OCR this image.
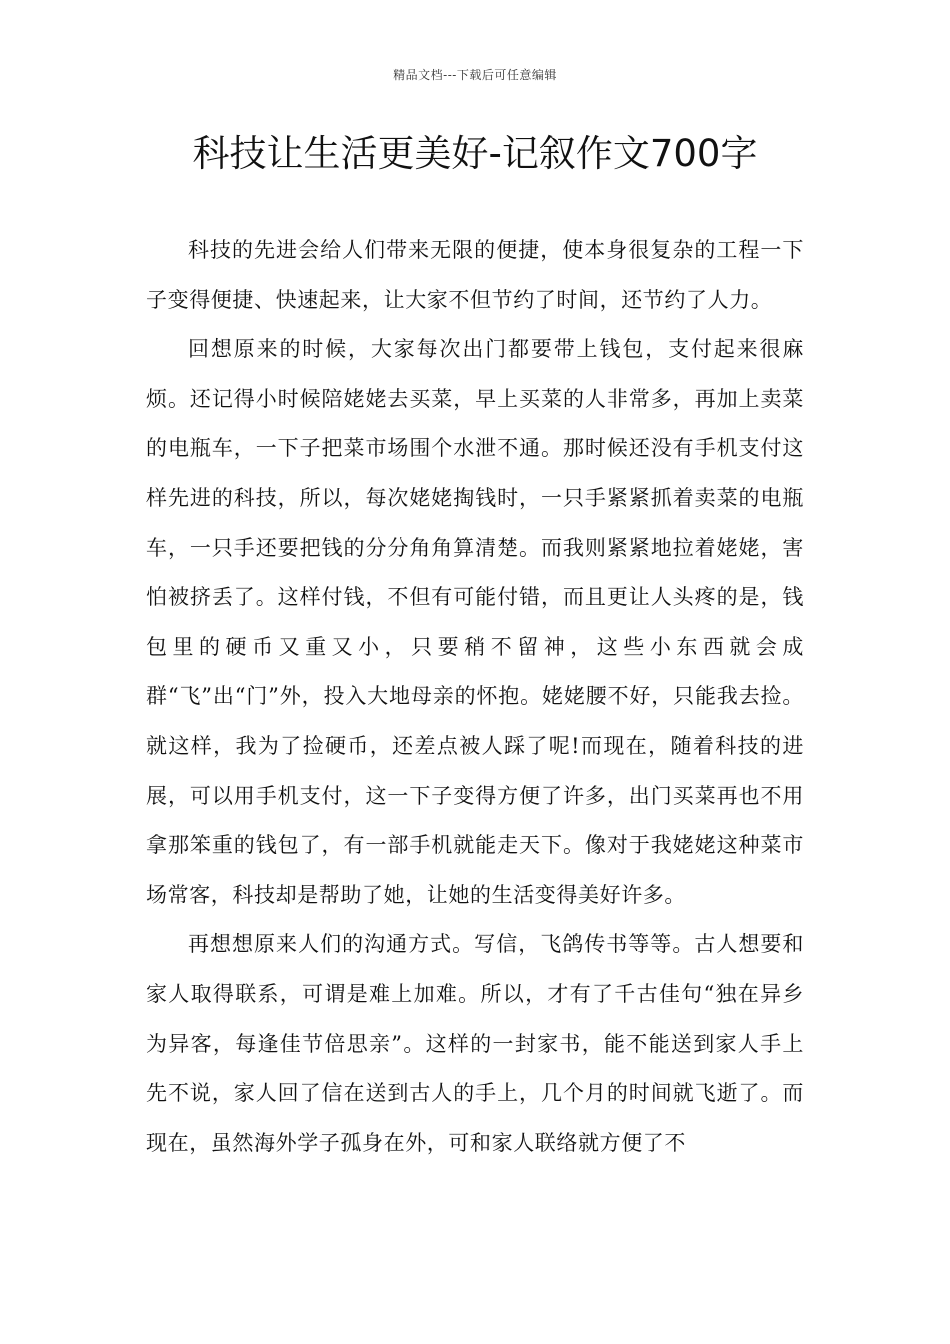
精品文档---下载后可任意编辑
科技让生活更美好-记叙作文700字

科技的先进会给人们带来无限的便捷，使本身很复杂的工程一下子变得便捷、快速起来，让大家不但节约了时间，还节约了人力。

回想原来的时候，大家每次出门都要带上钱包，支付起来很麻烦。还记得小时候陪姥姥去买菜，早上买菜的人非常多，再加上卖菜的电瓶车，一下子把菜市场围个水泄不通。那时候还没有手机支付这样先进的科技，所以，每次姥姥掏钱时，一只手紧紧抓着卖菜的电瓶车，一只手还要把钱的分分角角算清楚。而我则紧紧地拉着姥姥，害怕被挤丢了。这样付钱，不但有可能付错，而且更让人头疼的是，钱包里的硬币又重又小，只要稍不留神，这些小东西就会成群“飞”出“门”外，投入大地母亲的怀抱。姥姥腰不好，只能我去捡。就这样，我为了捡硬币，还差点被人踩了呢!而现在，随着科技的进展，可以用手机支付，这一下子变得方便了许多，出门买菜再也不用拿那笨重的钱包了，有一部手机就能走天下。像对于我姥姥这种菜市场常客，科技却是帮助了她，让她的生活变得美好许多。

再想想原来人们的沟通方式。写信，飞鸽传书等等。古人想要和家人取得联系，可谓是难上加难。所以，才有了千古佳句“独在异乡为异客，每逢佳节倍思亲”。这样的一封家书，能不能送到家人手上先不说，家人回了信在送到古人的手上，几个月的时间就飞逝了。而现在，虽然海外学子孤身在外，可和家人联络就方便了不
